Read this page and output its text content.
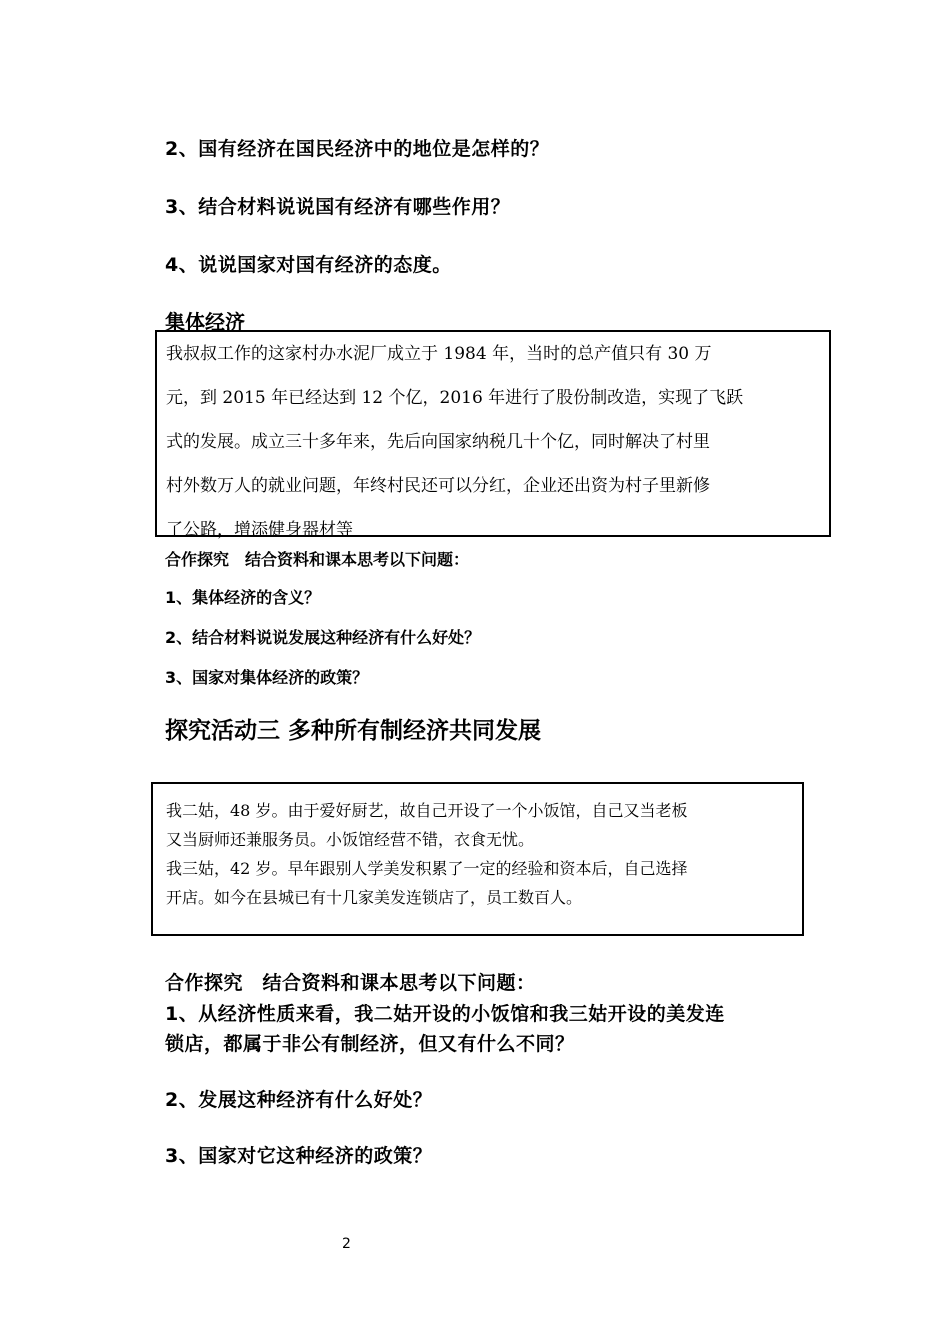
2、国有经济在国民经济中的地位是怎样的？
3、结合材料说说国有经济有哪些作用？
4、说说国家对国有经济的态度。
集体经济

我叔叔工作的这家村办水泥厂成立于 1984 年，当时的总产值只有 30 万

元，到 2015 年已经达到 12 个亿，2016 年进行了股份制改造，实现了飞跃

式的发展。成立三十多年来，先后向国家纳税几十个亿，同时解决了村里

村外数万人的就业问题，年终村民还可以分红，企业还出资为村子里新修

了公路，增添健身器材等

合作探究　结合资料和课本思考以下问题：
1、集体经济的含义？
2、结合材料说说发展这种经济有什么好处？
3、国家对集体经济的政策？
探究活动三 多种所有制经济共同发展

我二姑，48 岁。由于爱好厨艺，故自己开设了一个小饭馆，自己又当老板

又当厨师还兼服务员。小饭馆经营不错，衣食无忧。

我三姑，42 岁。早年跟别人学美发积累了一定的经验和资本后，自己选择

开店。如今在县城已有十几家美发连锁店了，员工数百人。

合作探究　结合资料和课本思考以下问题：
1、从经济性质来看，我二姑开设的小饭馆和我三姑开设的美发连
锁店，都属于非公有制经济，但又有什么不同？
2、发展这种经济有什么好处？
3、国家对它这种经济的政策？
2
